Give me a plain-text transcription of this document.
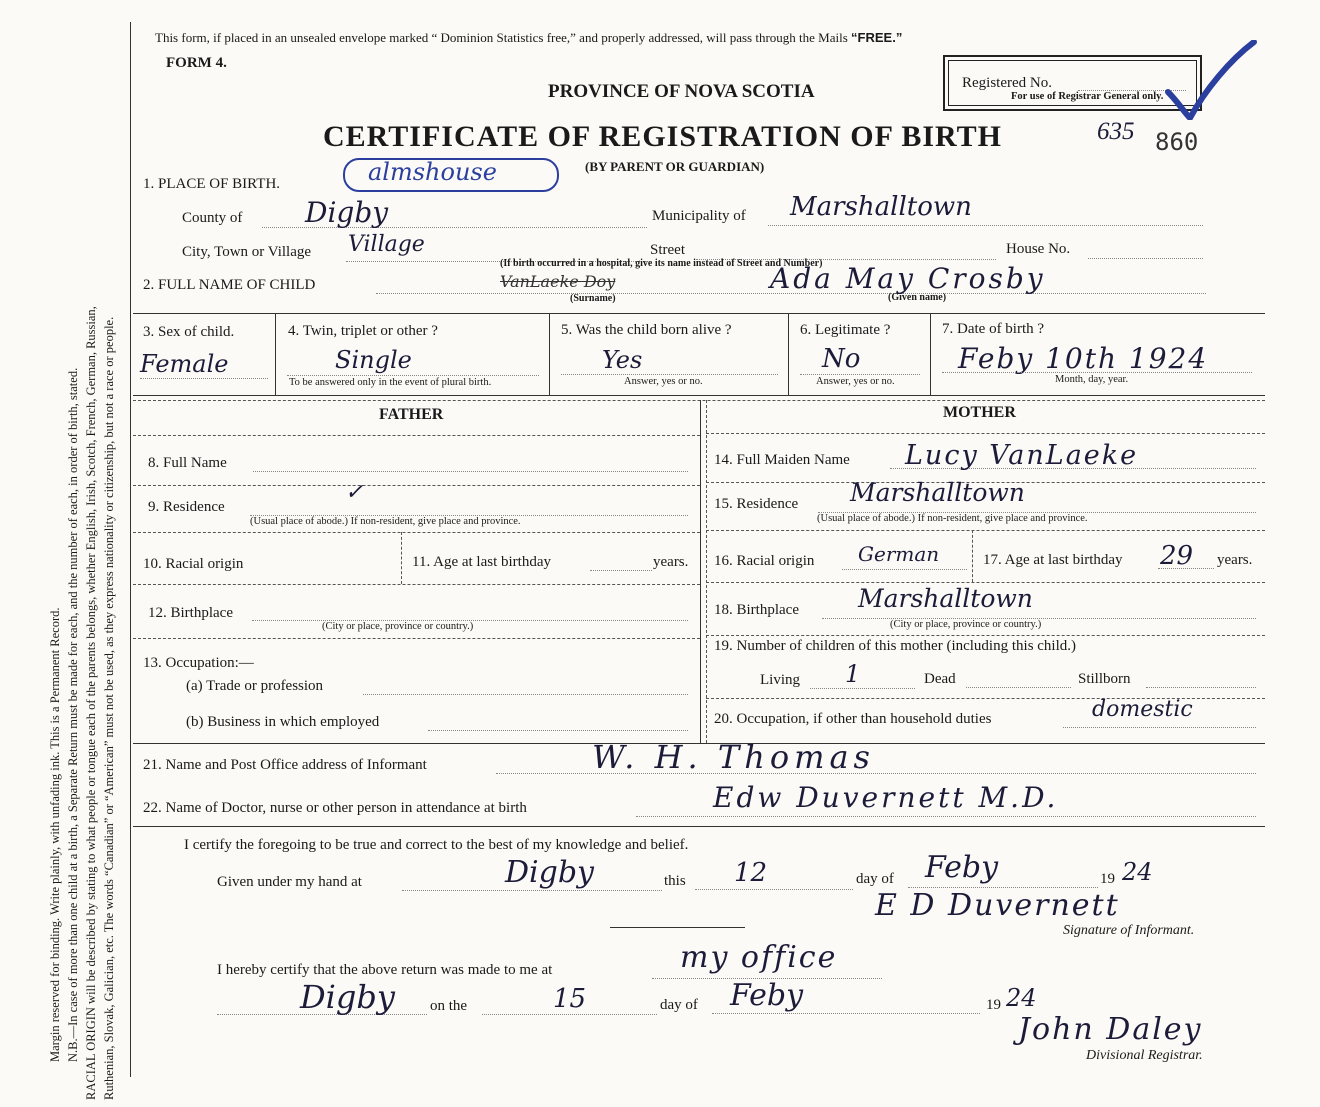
Margin reserved for binding. Write plainly, with unfading ink. This is a Permanent Record. N.B.—In case of more than one child at a birth, a Separate Return must be made for each, and the number of each, in order of birth, stated. RACIAL ORIGIN will be described by stating to what people or tongue each of the parents belongs, whether English, Irish, Scotch, French, German, Russian, Ruthenian, Slovak, Galician, etc. The words “Canadian” or “American” must not be used, as they express nationality or citizenship, but not a race or people.
This form, if placed in an unsealed envelope marked “ Dominion Statistics free,” and properly addressed, will pass through the Mails “FREE.”
FORM 4.
Registered No.
For use of Registrar General only.
PROVINCE OF NOVA SCOTIA
CERTIFICATE OF REGISTRATION OF BIRTH	635 860
(BY PARENT OR GUARDIAN)
1. PLACE OF BIRTH.	almshouse
County of Digby	Municipality of Marshalltown
City, Town or Village Village	Street	House No.
(If birth occurred in a hospital, give its name instead of Street and Number)
2. FULL NAME OF CHILD	VanLaeke Doy	Ada May Crosby
(Surname)	(Given name)
3. Sex of child.
Female
4. Twin, triplet or other ?
Single
To be answered only in the event of plural birth.
5. Was the child born alive ?
Yes
Answer, yes or no.
6. Legitimate ?
No
Answer, yes or no.
7. Date of birth ?
Feby 10th 1924
Month, day, year.
FATHER	MOTHER
8. Full Name
9. Residence
✓
(Usual place of abode.) If non-resident, give place and province.
10. Racial origin	11. Age at last birthday	years.
12. Birthplace
(City or place, province or country.)
13. Occupation:—
(a) Trade or profession
(b) Business in which employed
14. Full Maiden Name Lucy VanLaeke
15. Residence Marshalltown
(Usual place of abode.) If non-resident, give place and province.
16. Racial origin German	17. Age at last birthday 29 years.
18. Birthplace Marshalltown
(City or place, province or country.)
19. Number of children of this mother (including this child.)
Living 1	Dead	Stillborn
20. Occupation, if other than household duties	domestic
21. Name and Post Office address of Informant	W. H. Thomas
22. Name of Doctor, nurse or other person in attendance at birth	Edw Duvernett M.D.
I certify the foregoing to be true and correct to the best of my knowledge and belief.
Given under my hand at	Digby	this 12	day of Feby	19 24
E D Duvernett
Signature of Informant.
I hereby certify that the above return was made to me at	my office
Digby on the	15	day of Feby	19 24
John Daley
Divisional Registrar.
